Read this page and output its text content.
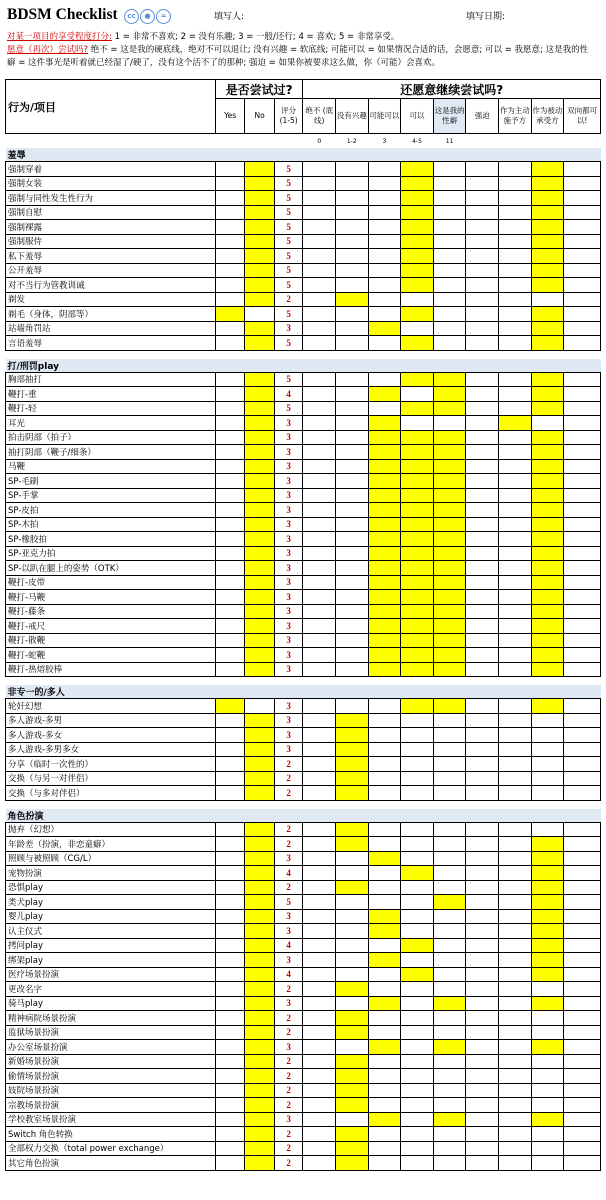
BDSM Checklist	cc	●	=	填写人:	填写日期:
对某一项目的享受程度打分: 1 = 非常不喜欢; 2 = 没有乐趣; 3 = 一般/还行; 4 = 喜欢; 5 = 非常享受。
愿意（再次）尝试吗? 绝不 = 这是我的硬底线，绝对不可以退让; 没有兴趣 = 软底线; 可能可以 = 如果情况合适的话，会愿意; 可以 = 我愿意; 这是我的性
癖 = 这件事光是听着就已经湿了/硬了，没有这个活不了的那种; 强迫 = 如果你被要求这么做，你（可能）会喜欢。
行为/项目	是否尝试过?			还愿意继续尝试吗?								
	Yes	No	评分 (1-5)	绝不 (底线)	没有兴趣	可能可以	可以	这是我的性癖	强迫	作为主动施予方	作为被动承受方	双向都可以!
				0	1-2	3	4-5	11				
羞辱												
强制穿着			5									
强制女装			5									
强制与同性发生性行为			5									
强制自慰			5									
强制裸露			5									
强制服侍			5									
私下羞辱			5									
公开羞辱			5									
对不当行为管教训诫			5									
剃发			2									
剃毛（身体，阴部等）			5									
站墙角罚站			3									
言语羞辱			5									

打/刑罚play												
胸部抽打			5									
鞭打-重			4									
鞭打-轻			5									
耳光			3									
拍击阴部（拍子）			3									
抽打阴部（鞭子/细条）			3									
马鞭			3									
SP-毛刷			3									
SP-手掌			3									
SP-皮拍			3									
SP-木拍			3									
SP-橡胶拍			3									
SP-亚克力拍			3									
SP-以趴在腿上的姿势（OTK）			3									
鞭打-皮带			3									
鞭打-马鞭			3									
鞭打-藤条			3									
鞭打-戒尺			3									
鞭打-散鞭			3									
鞭打-蛇鞭			3									
鞭打-热熔胶棒			3									

非专一的/多人												
轮奸幻想			3									
多人游戏-多男			3									
多人游戏-多女			3									
多人游戏-多男多女			3									
分享（临时一次性的）			2									
交换（与另一对伴侣）			2									
交换（与多对伴侣）			2									

角色扮演												
抛弃（幻想）			2									
年龄差（扮演，非恋童癖）			2									
照顾与被照顾（CG/L）			3									
宠物扮演			4									
恐惧play			2									
类犬play			5									
婴儿play			3									
认主仪式			3									
拷问play			4									
绑架play			3									
医疗场景扮演			4									
更改名字			2									
骑马play			3									
精神病院场景扮演			2									
监狱场景扮演			2									
办公室场景扮演			3									
新婚场景扮演			2									
偷情场景扮演			2									
妓院场景扮演			2									
宗教场景扮演			2									
学校教室场景扮演			3									
Switch 角色转换			2									
全部权力交换（total power exchange）			2									
其它角色扮演			2									
